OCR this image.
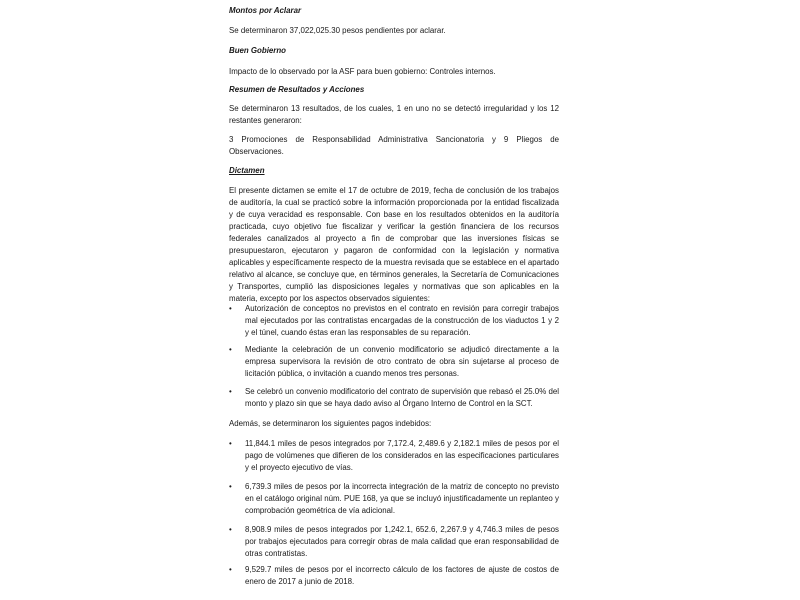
Montos por Aclarar

Se determinaron 37,022,025.30 pesos pendientes por aclarar.

Buen Gobierno

Impacto de lo observado por la ASF para buen gobierno: Controles internos.

Resumen de Resultados y Acciones

Se determinaron 13 resultados, de los cuales, 1 en uno no se detectó irregularidad y los 12 restantes generaron:

3 Promociones de Responsabilidad Administrativa Sancionatoria y 9 Pliegos de Observaciones.

Dictamen

El presente dictamen se emite el 17 de octubre de 2019, fecha de conclusión de los trabajos de auditoría, la cual se practicó sobre la información proporcionada por la entidad fiscalizada y de cuya veracidad es responsable. Con base en los resultados obtenidos en la auditoría practicada, cuyo objetivo fue fiscalizar y verificar la gestión financiera de los recursos federales canalizados al proyecto a fin de comprobar que las inversiones físicas se presupuestaron, ejecutaron y pagaron de conformidad con la legislación y normativa aplicables y específicamente respecto de la muestra revisada que se establece en el apartado relativo al alcance, se concluye que, en términos generales, la Secretaría de Comunicaciones y Transportes, cumplió las disposiciones legales y normativas que son aplicables en la materia, excepto por los aspectos observados siguientes:

• Autorización de conceptos no previstos en el contrato en revisión para corregir trabajos mal ejecutados por las contratistas encargadas de la construcción de los viaductos 1 y 2 y el túnel, cuando éstas eran las responsables de su reparación.
• Mediante la celebración de un convenio modificatorio se adjudicó directamente a la empresa supervisora la revisión de otro contrato de obra sin sujetarse al proceso de licitación pública, o invitación a cuando menos tres personas.
• Se celebró un convenio modificatorio del contrato de supervisión que rebasó el 25.0% del monto y plazo sin que se haya dado aviso al Órgano Interno de Control en la SCT.

Además, se determinaron los siguientes pagos indebidos:

• 11,844.1 miles de pesos integrados por 7,172.4, 2,489.6 y 2,182.1 miles de pesos por el pago de volúmenes que difieren de los considerados en las especificaciones particulares y el proyecto ejecutivo de vías.
• 6,739.3 miles de pesos por la incorrecta integración de la matriz de concepto no previsto en el catálogo original núm. PUE 168, ya que se incluyó injustificadamente un replanteo y comprobación geométrica de vía adicional.
• 8,908.9 miles de pesos integrados por 1,242.1, 652.6, 2,267.9 y 4,746.3 miles de pesos por trabajos ejecutados para corregir obras de mala calidad que eran responsabilidad de otras contratistas.
• 9,529.7 miles de pesos por el incorrecto cálculo de los factores de ajuste de costos de enero de 2017 a junio de 2018.
